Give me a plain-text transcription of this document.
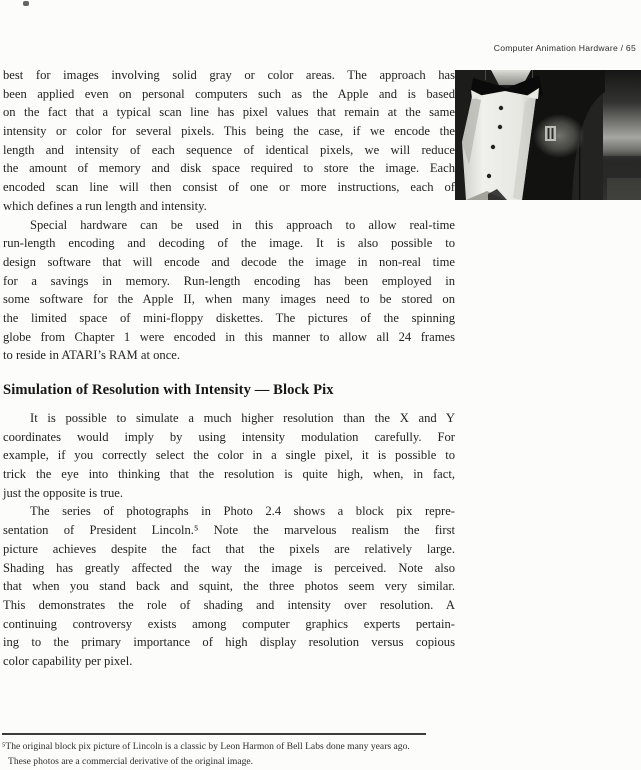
Computer Animation Hardware / 65
best for images involving solid gray or color areas. The approach has
been applied even on personal computers such as the Apple and is based
on the fact that a typical scan line has pixel values that remain at the same
intensity or color for several pixels. This being the case, if we encode the
length and intensity of each sequence of identical pixels, we will reduce
the amount of memory and disk space required to store the image. Each
encoded scan line will then consist of one or more instructions, each of
which defines a run length and intensity.
Special hardware can be used in this approach to allow real-time
run-length encoding and decoding of the image. It is also possible to
design software that will encode and decode the image in non-real time
for a savings in memory. Run-length encoding has been employed in
some software for the Apple II, when many images need to be stored on
the limited space of mini-floppy diskettes. The pictures of the spinning
globe from Chapter 1 were encoded in this manner to allow all 24 frames
to reside in ATARI’s RAM at once.
Simulation of Resolution with Intensity — Block Pix
It is possible to simulate a much higher resolution than the X and Y
coordinates would imply by using intensity modulation carefully. For
example, if you correctly select the color in a single pixel, it is possible to
trick the eye into thinking that the resolution is quite high, when, in fact,
just the opposite is true.
The series of photographs in Photo 2.4 shows a block pix repre-
sentation of President Lincoln.⁵ Note the marvelous realism the first
picture achieves despite the fact that the pixels are relatively large.
Shading has greatly affected the way the image is perceived. Note also
that when you stand back and squint, the three photos seem very similar.
This demonstrates the role of shading and intensity over resolution. A
continuing controversy exists among computer graphics experts pertain-
ing to the primary importance of high display resolution versus copious
color capability per pixel.
⁵The original block pix picture of Lincoln is a classic by Leon Harmon of Bell Labs done many years ago.
These photos are a commercial derivative of the original image.
